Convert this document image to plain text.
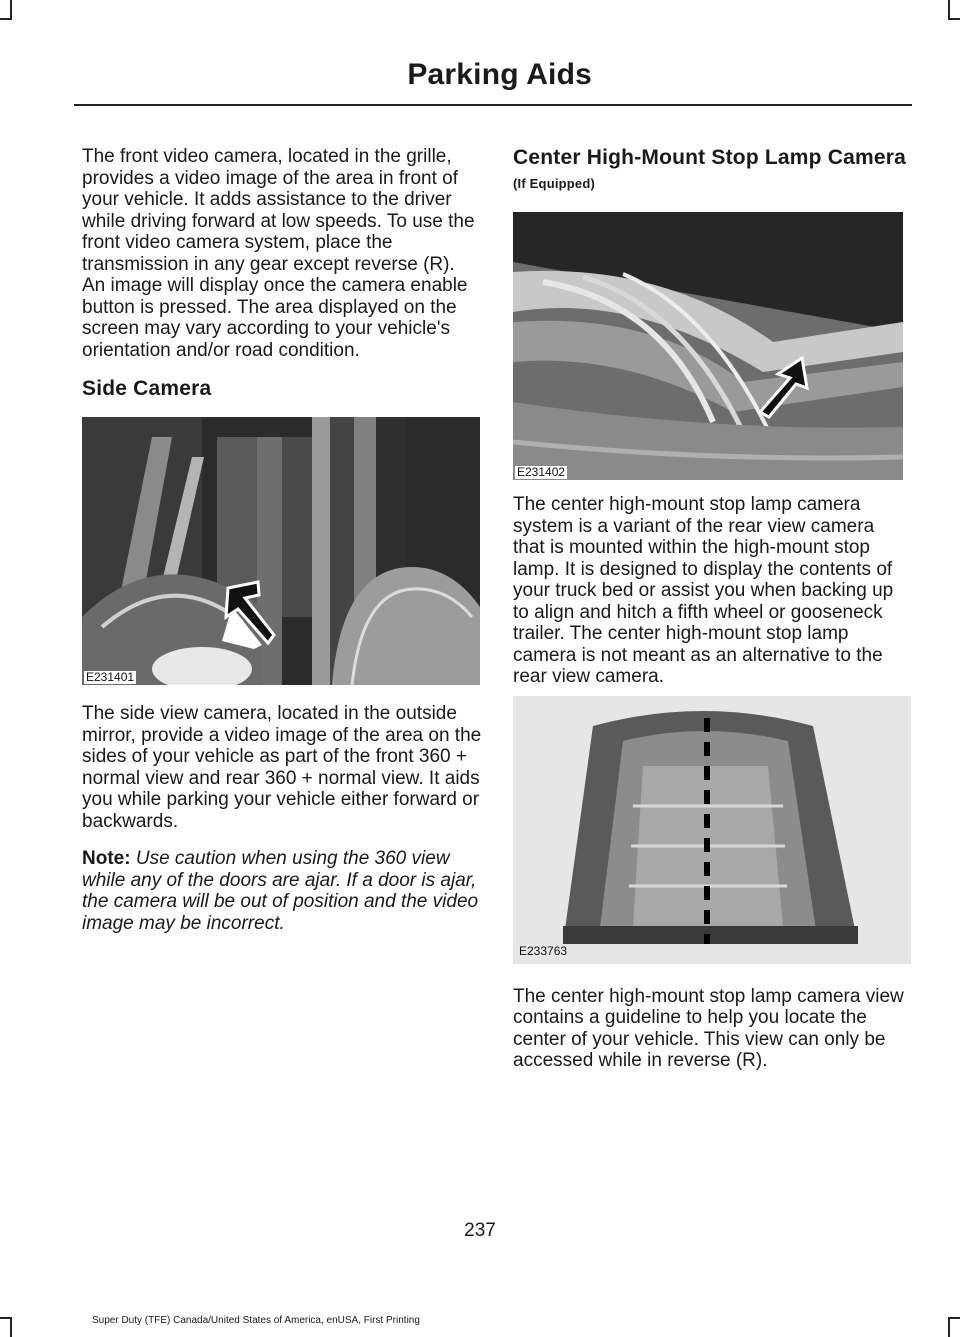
Parking Aids

The front video camera, located in the grille, provides a video image of the area in front of your vehicle. It adds assistance to the driver while driving forward at low speeds. To use the front video camera system, place the transmission in any gear except reverse (R). An image will display once the camera enable button is pressed. The area displayed on the screen may vary according to your vehicle's orientation and/or road condition.

Side Camera
E231401

The side view camera, located in the outside mirror, provide a video image of the area on the sides of your vehicle as part of the front 360 + normal view and rear 360 + normal view. It aids you while parking your vehicle either forward or backwards.

Note: Use caution when using the 360 view while any of the doors are ajar. If a door is ajar, the camera will be out of position and the video image may be incorrect.

Center High-Mount Stop Lamp Camera (If Equipped)
E231402

The center high-mount stop lamp camera system is a variant of the rear view camera that is mounted within the high-mount stop lamp. It is designed to display the contents of your truck bed or assist you when backing up to align and hitch a fifth wheel or gooseneck trailer. The center high-mount stop lamp camera is not meant as an alternative to the rear view camera.

E233763

The center high-mount stop lamp camera view contains a guideline to help you locate the center of your vehicle. This view can only be accessed while in reverse (R).

237
Super Duty (TFE) Canada/United States of America, enUSA, First Printing
